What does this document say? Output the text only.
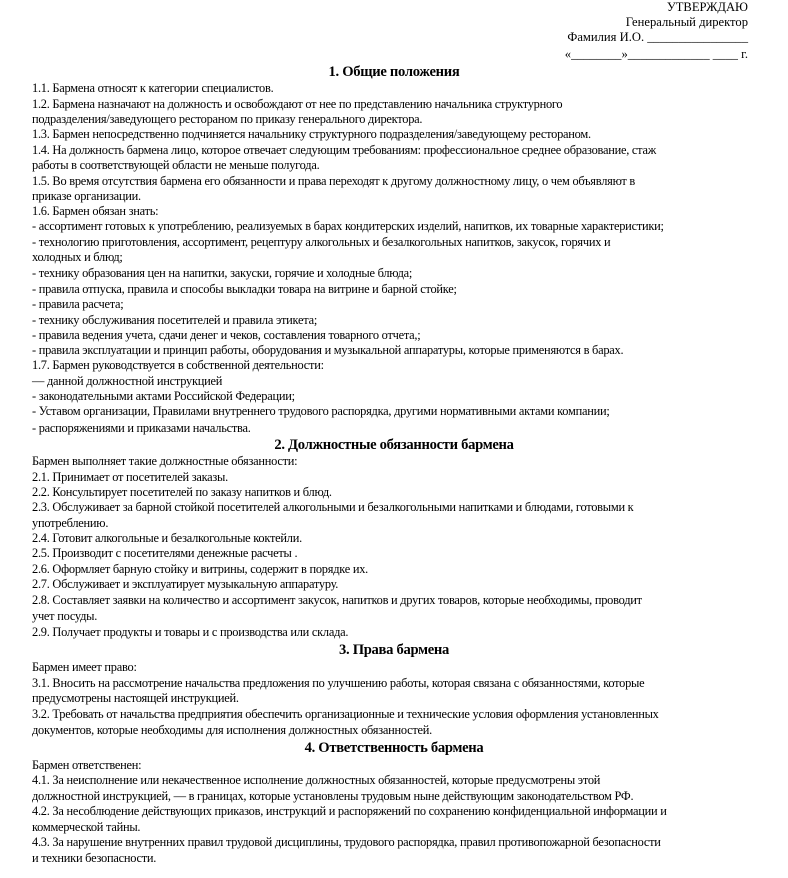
УТВЕРЖДАЮ
Генеральный директор
Фамилия И.О. ________________
«________»_____________ ____ г.
1. Общие положения
1.1. Бармена относят к категории специалистов.
1.2. Бармена назначают на должность и освобождают от нее по представлению начальника структурного
подразделения/заведующего рестораном по приказу генерального директора.
1.3. Бармен непосредственно подчиняется начальнику структурного подразделения/заведующему рестораном.
1.4. На должность бармена лицо, которое отвечает следующим требованиям: профессиональное среднее образование, стаж
работы в соответствующей области не меньше полугода.
1.5. Во время отсутствия бармена его обязанности и права переходят к другому должностному лицу, о чем объявляют в
приказе организации.
1.6. Бармен обязан знать:
- ассортимент готовых к употреблению, реализуемых в барах кондитерских изделий, напитков, их товарные характеристики;
- технологию приготовления, ассортимент, рецептуру алкогольных и безалкогольных напитков, закусок, горячих и
холодных и блюд;
- технику образования цен на напитки, закуски, горячие и холодные блюда;
- правила отпуска, правила и способы выкладки товара на витрине и барной стойке;
- правила расчета;
- технику обслуживания посетителей и правила этикета;
- правила ведения учета, сдачи денег и чеков, составления товарного отчета,;
- правила эксплуатации и принцип работы, оборудования и музыкальной аппаратуры, которые применяются в барах.
1.7. Бармен руководствуется в собственной деятельности:
— данной должностной инструкцией
- законодательными актами Российской Федерации;
- Уставом организации, Правилами внутреннего трудового распорядка, другими нормативными актами компании;
- распоряжениями и приказами начальства.
2. Должностные обязанности бармена
Бармен выполняет такие должностные обязанности:
2.1. Принимает от посетителей заказы.
2.2. Консультирует посетителей по заказу напитков и блюд.
2.3. Обслуживает за барной стойкой посетителей алкогольными и безалкогольными напитками и блюдами, готовыми к
употреблению.
2.4. Готовит алкогольные и безалкогольные коктейли.
2.5. Производит с посетителями денежные расчеты .
2.6. Оформляет барную стойку и витрины, содержит в порядке их.
2.7. Обслуживает и эксплуатирует музыкальную аппаратуру.
2.8. Составляет заявки на количество и ассортимент закусок, напитков и других товаров, которые необходимы, проводит
учет посуды.
2.9. Получает продукты и товары и с производства или склада.
3. Права бармена
Бармен имеет право:
3.1. Вносить на рассмотрение начальства предложения по улучшению работы, которая связана с обязанностями, которые
предусмотрены настоящей инструкцией.
3.2. Требовать от начальства предприятия обеспечить организационные и технические условия оформления установленных
документов, которые необходимы для исполнения должностных обязанностей.
4. Ответственность бармена
Бармен ответственен:
4.1. За неисполнение или некачественное исполнение должностных обязанностей, которые предусмотрены этой
должностной инструкцией, — в границах, которые установлены трудовым ныне действующим законодательством РФ.
4.2. За несоблюдение действующих приказов, инструкций и распоряжений по сохранению конфиденциальной информации и
коммерческой тайны.
4.3. За нарушение внутренних правил трудовой дисциплины, трудового распорядка, правил противопожарной безопасности
и техники безопасности.
